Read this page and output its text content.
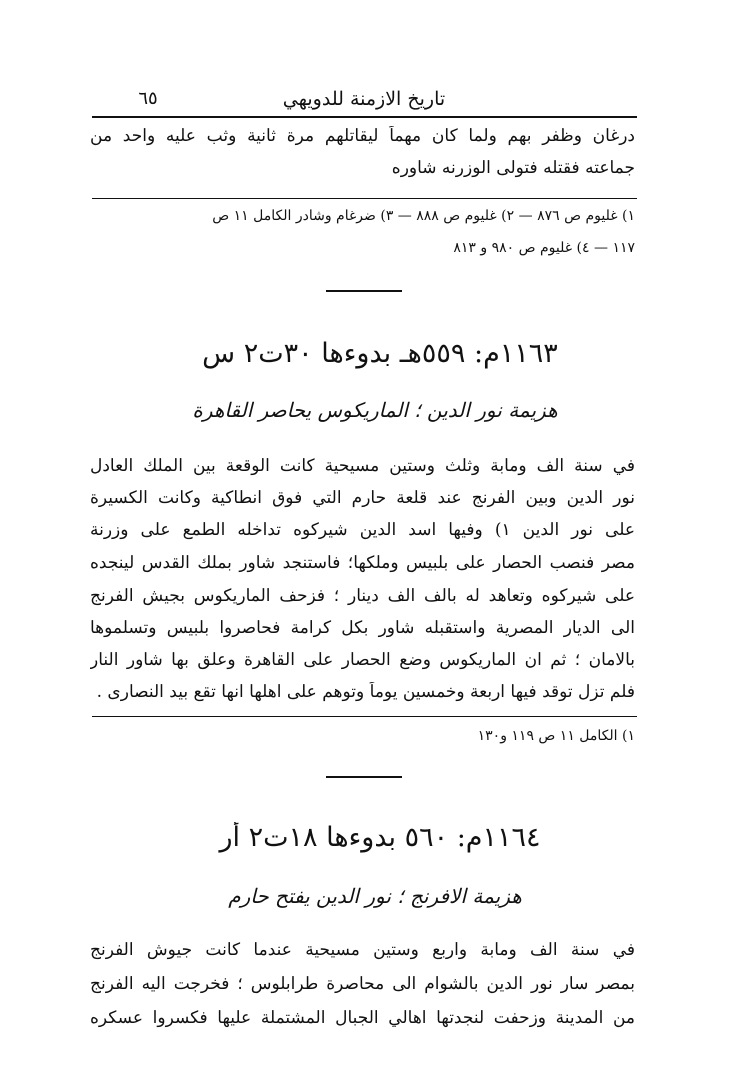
تاريخ الازمنة للدويهي
٦٥
درغان وظفر بهم ولما كان مهماً ليقاتلهم مرة ثانية وثب عليه واحد من
جماعته فقتله فتولى الوزرنه شاوره
١) غليوم ص ٨٧٦ — ٢) غليوم ص ٨٨٨ — ٣) ضرغام وشادر الكامل ١١ ص
١١٧ — ٤) غليوم ص ٩٨٠ و ٨١٣
١١٦٣م: ٥٥٩هـ بدوءها ٣٠ت٢ س
هزيمة نور الدين ؛ الماريكوس يحاصر القاهرة
في سنة الف ومابة وثلث وستين مسيحية كانت الوقعة بين الملك العادل
نور الدين وبين الفرنج عند قلعة حارم التي فوق انطاكية وكانت الكسيرة
على نور الدين ١) وفيها اسد الدين شيركوه تداخله الطمع على وزرنة
مصر فنصب الحصار على بلبيس وملكها؛ فاستنجد شاور بملك القدس لينجده
على شيركوه وتعاهد له بالف الف دينار ؛ فزحف الماريكوس بجيش الفرنج
الى الديار المصرية واستقبله شاور بكل كرامة فحاصروا بلبيس وتسلموها
بالامان ؛ ثم ان الماريكوس وضع الحصار على القاهرة وعلق بها شاور النار
فلم تزل توقد فيها اربعة وخمسين يوماً وتوهم على اهلها انها تقع بيد النصارى .
١) الكامل ١١ ص ١١٩ و١٣٠
١١٦٤م: ٥٦٠ بدوءها ١٨ت٢ أر
هزيمة الافرنج ؛ نور الدين يفتح حارم
في سنة الف ومابة واربع وستين مسيحية عندما كانت جيوش الفرنج
بمصر سار نور الدين بالشوام الى محاصرة طرابلوس ؛ فخرجت اليه الفرنج
من المدينة وزحفت لنجدتها اهالي الجبال المشتملة عليها فكسروا عسكره
